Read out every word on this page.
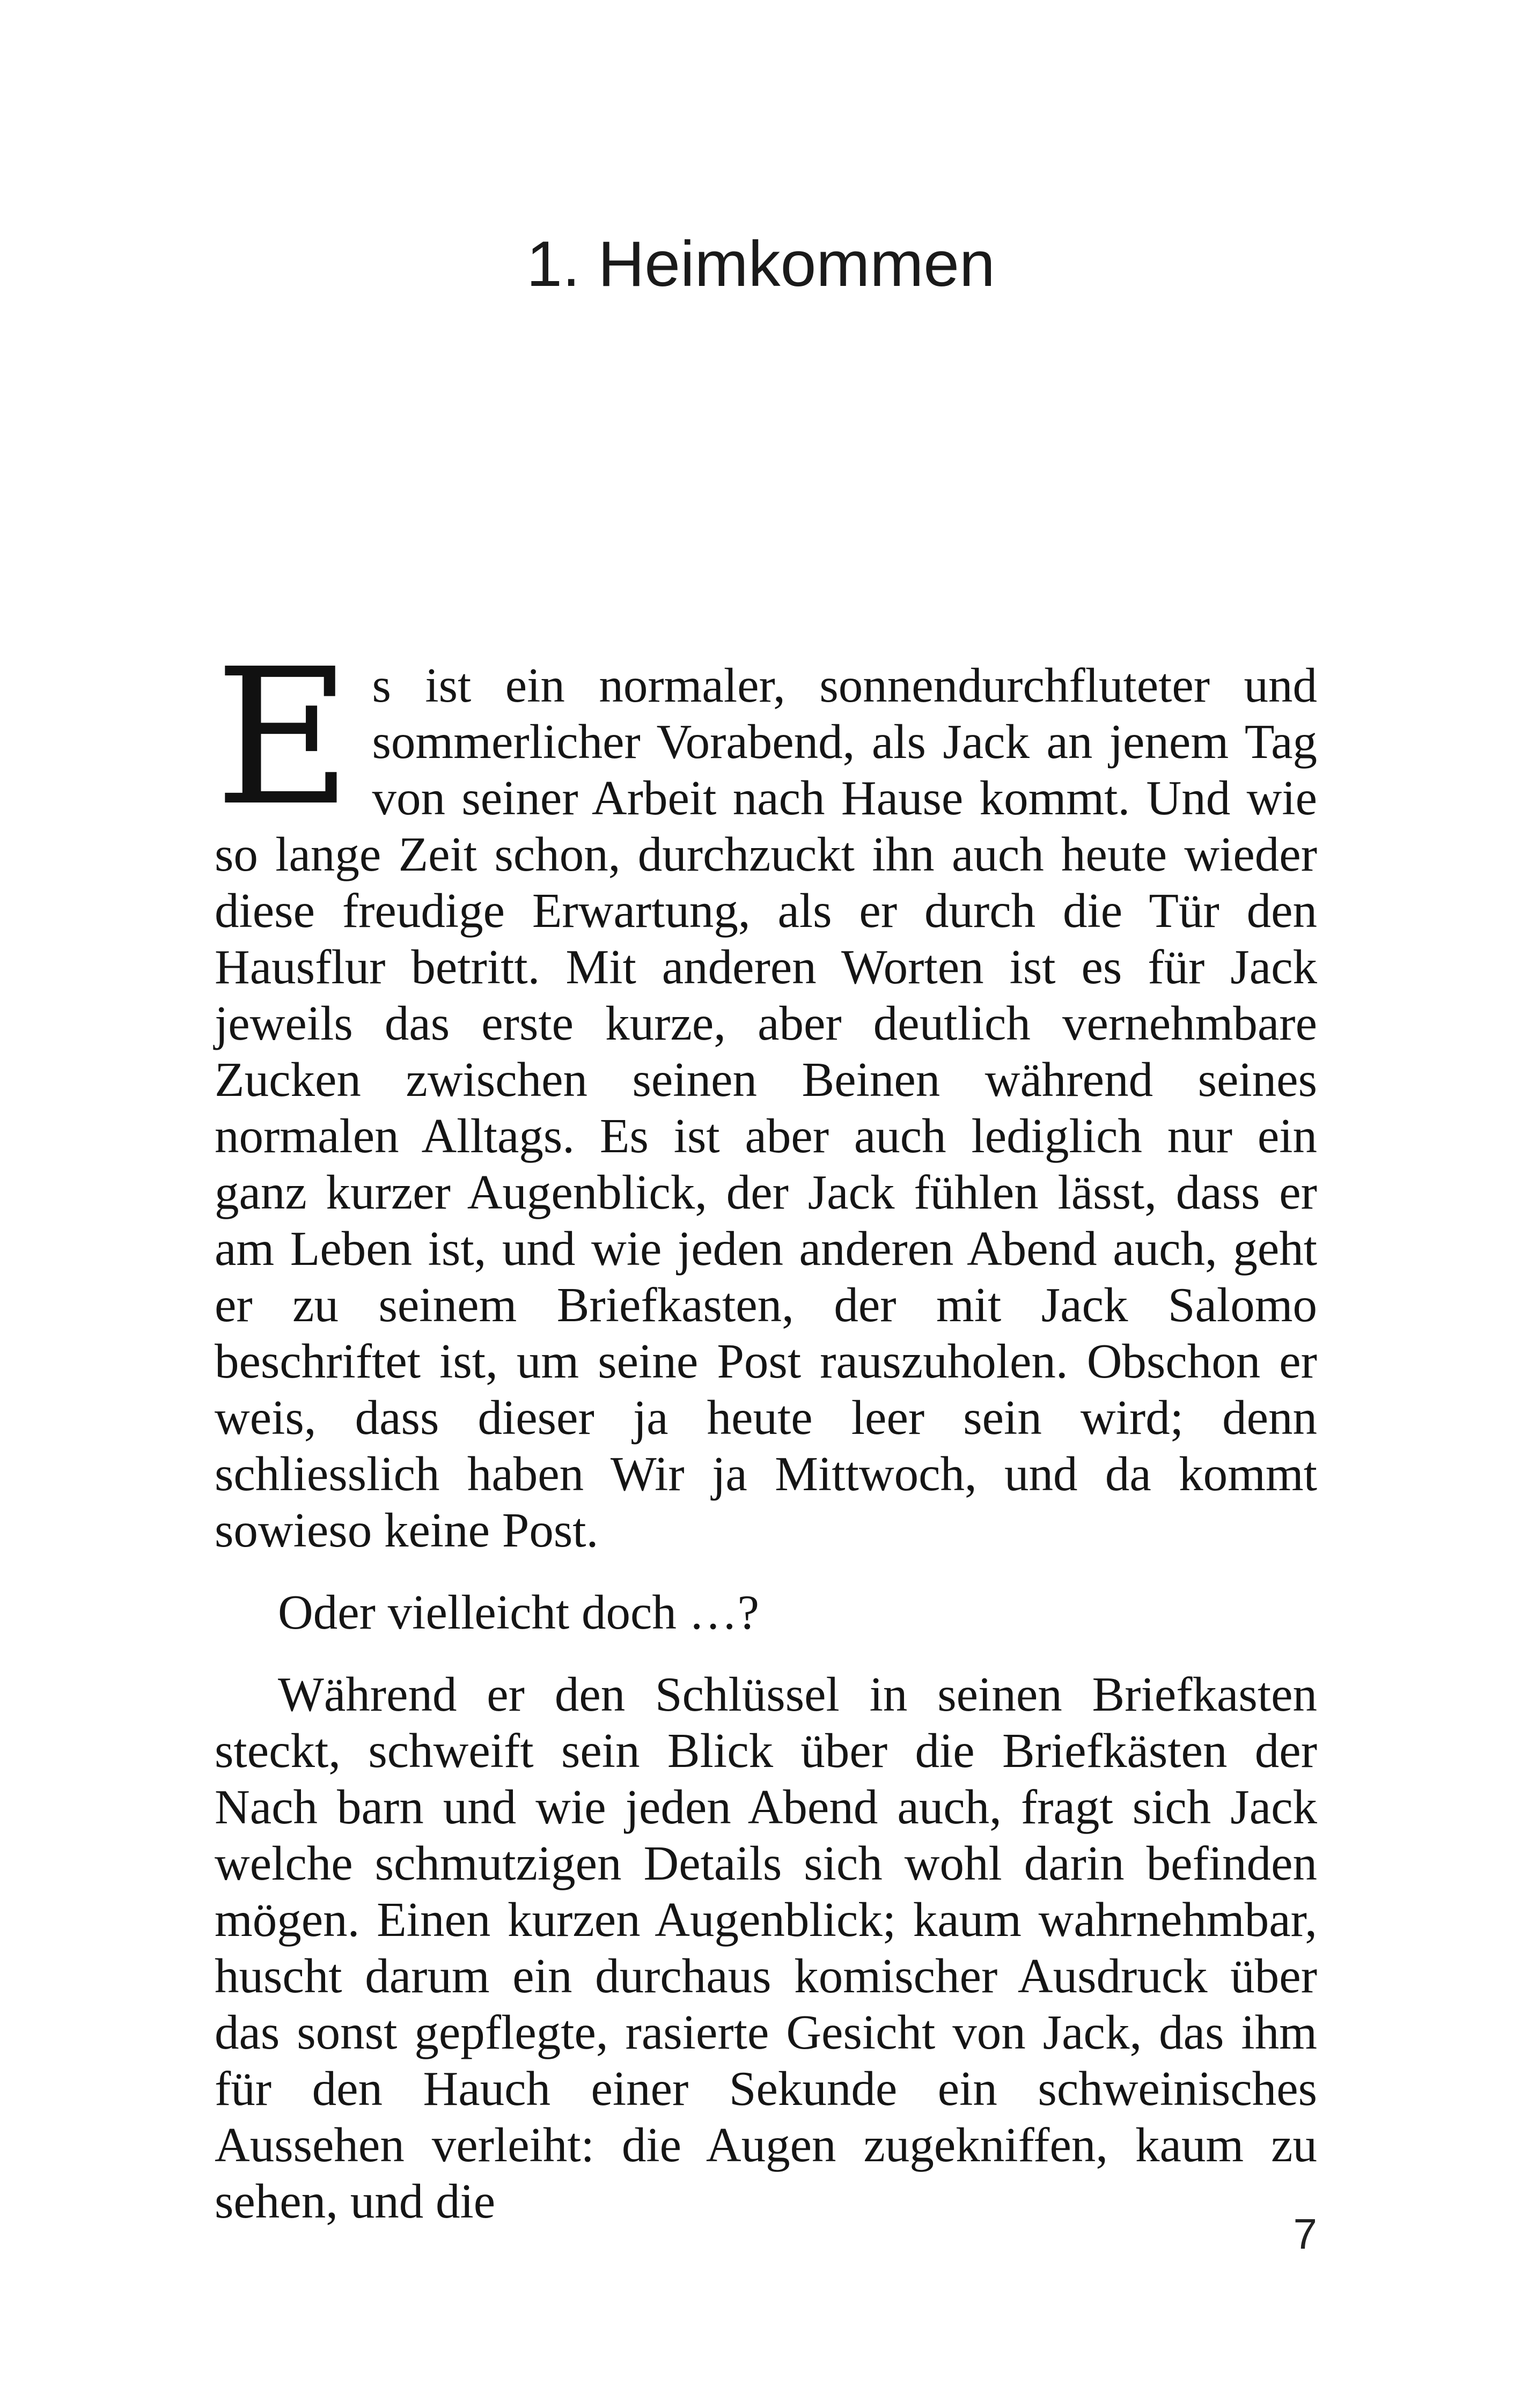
1. Heimkommen

Es ist ein normaler, sonnendurchfluteter und sommerlicher Vorabend, als Jack an jenem Tag von seiner Arbeit nach Hause kommt. Und wie so lange Zeit schon, durchzuckt ihn auch heute wieder diese freudige Erwartung, als er durch die Tür den Hausflur betritt. Mit anderen Worten ist es für Jack jeweils das erste kurze, aber deutlich vernehmbare Zucken zwischen seinen Beinen während seines normalen Alltags. Es ist aber auch lediglich nur ein ganz kurzer Augenblick, der Jack fühlen lässt, dass er am Leben ist, und wie jeden anderen Abend auch, geht er zu seinem Briefkasten, der mit Jack Salomo beschriftet ist, um seine Post rauszuholen. Obschon er weis, dass dieser ja heute leer sein wird; denn schliesslich haben Wir ja Mittwoch, und da kommt sowieso keine Post.

Oder vielleicht doch …?

Während er den Schlüssel in seinen Briefkasten steckt, schweift sein Blick über die Briefkästen der Nach barn und wie jeden Abend auch, fragt sich Jack welche schmutzigen Details sich wohl darin befinden mögen. Einen kurzen Augenblick; kaum wahrnehmbar, huscht darum ein durchaus komischer Ausdruck über das sonst gepflegte, rasierte Gesicht von Jack, das ihm für den Hauch einer Sekunde ein schweinisches Aussehen verleiht: die Augen zugekniffen, kaum zu sehen, und die

7
